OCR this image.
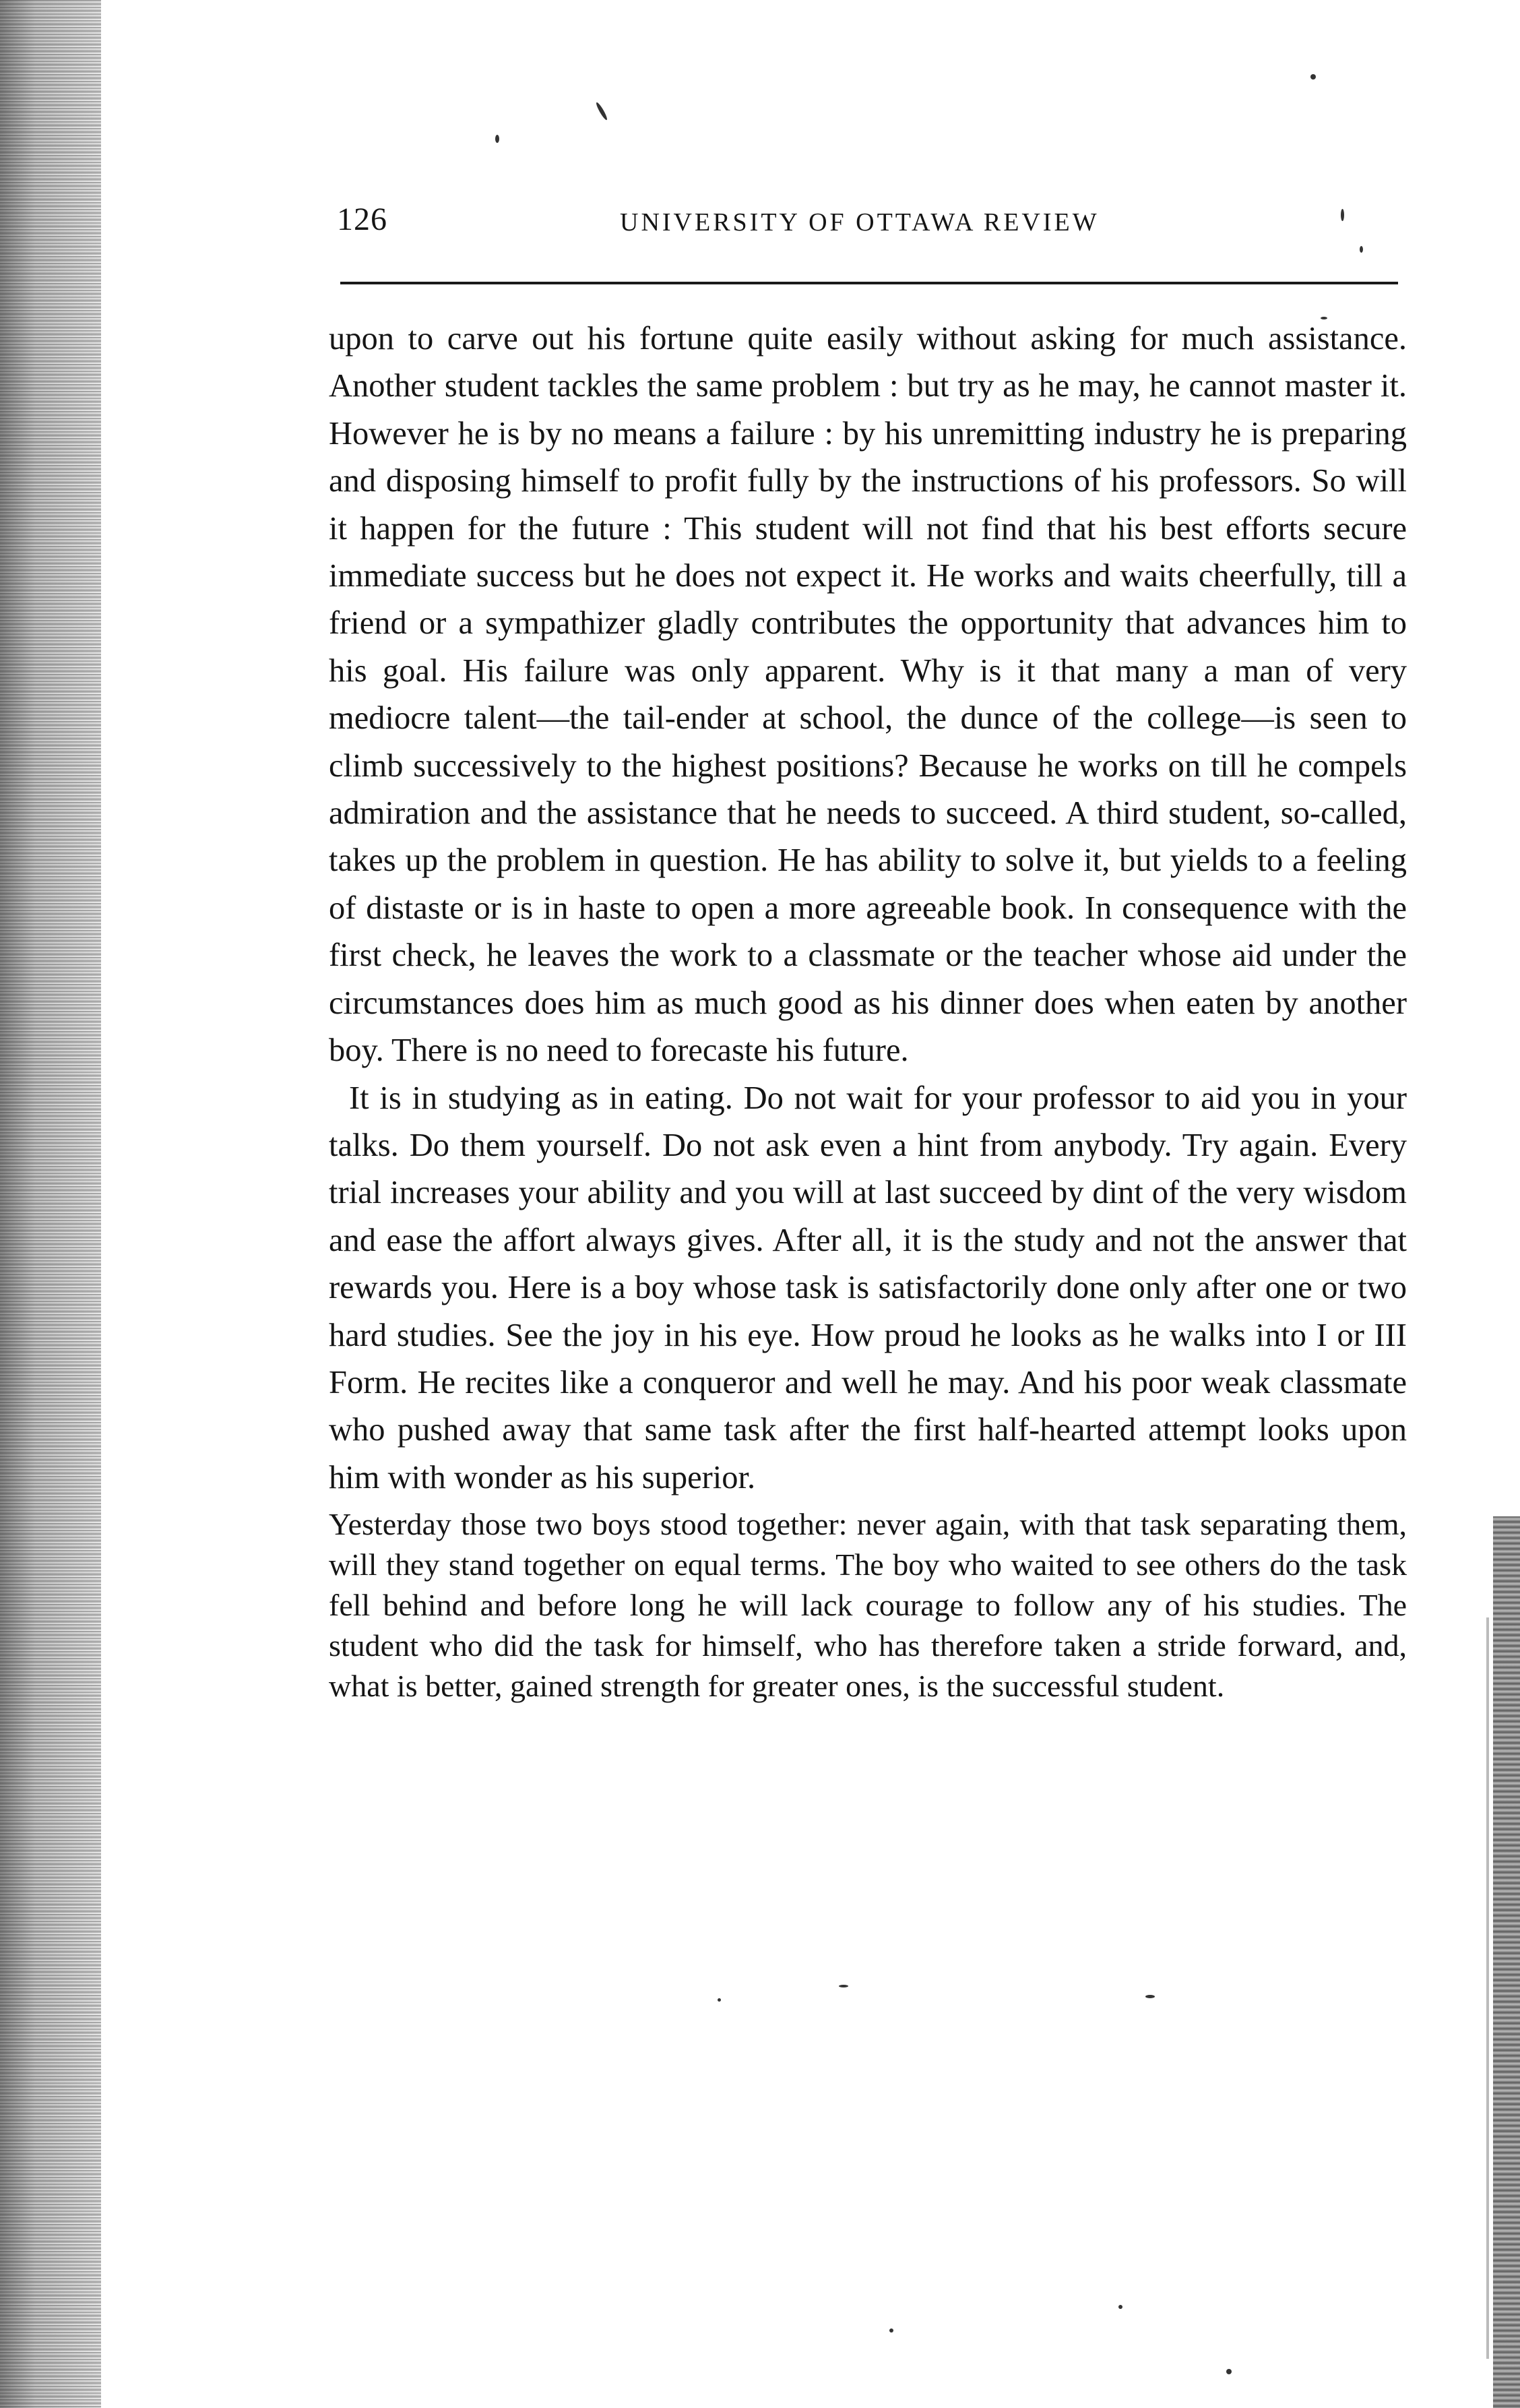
126	UNIVERSITY OF OTTAWA REVIEW

upon to carve out his fortune quite easily without asking for much assistance. Another student tackles the same problem : but try as he may, he cannot master it. However he is by no means a failure : by his unremitting industry he is preparing and disposing himself to profit fully by the instructions of his professors. So will it happen for the future : This student will not find that his best efforts secure immediate success but he does not expect it. He works and waits cheerfully, till a friend or a sympathizer gladly contributes the opportunity that advances him to his goal. His failure was only apparent. Why is it that many a man of very mediocre talent—the tail-ender at school, the dunce of the college—is seen to climb successively to the highest positions? Because he works on till he compels admiration and the assistance that he needs to succeed. A third student, so-called, takes up the problem in question. He has ability to solve it, but yields to a feeling of distaste or is in haste to open a more agreeable book. In consequence with the first check, he leaves the work to a classmate or the teacher whose aid under the circumstances does him as much good as his dinner does when eaten by another boy. There is no need to forecaste his future.

It is in studying as in eating. Do not wait for your professor to aid you in your talks. Do them yourself. Do not ask even a hint from anybody. Try again. Every trial increases your ability and you will at last succeed by dint of the very wisdom and ease the affort always gives. After all, it is the study and not the answer that rewards you. Here is a boy whose task is satisfactorily done only after one or two hard studies. See the joy in his eye. How proud he looks as he walks into I or III Form. He recites like a conqueror and well he may. And his poor weak classmate who pushed away that same task after the first half-hearted attempt looks upon him with wonder as his superior.

Yesterday those two boys stood together: never again, with that task separating them, will they stand together on equal terms. The boy who waited to see others do the task fell behind and before long he will lack courage to follow any of his studies. The student who did the task for himself, who has therefore taken a stride forward, and, what is better, gained strength for greater ones, is the successful student.
